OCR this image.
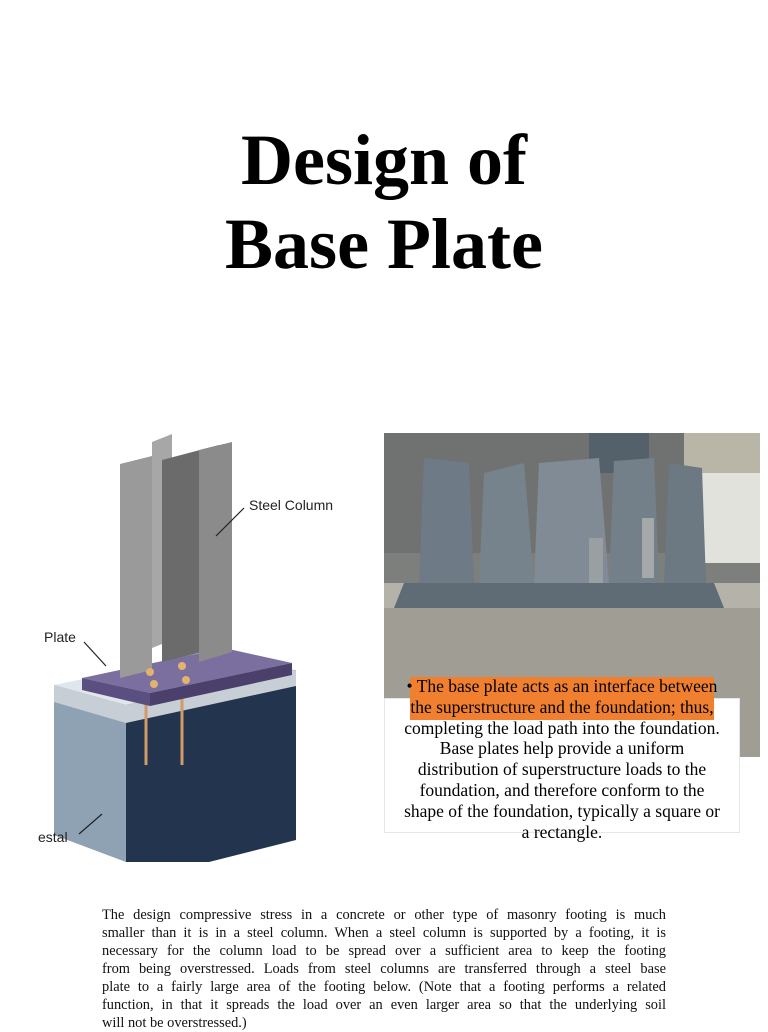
Design of
Base Plate
Steel Column
Plate
estal
• The base plate acts as an interface between the superstructure and the foundation; thus, completing the load path into the foundation. Base plates help provide a uniform distribution of superstructure loads to the foundation, and therefore conform to the shape of the foundation, typically a square or a rectangle.
The design compressive stress in a concrete or other type of masonry footing is much
smaller than it is in a steel column. When a steel column is supported by a footing, it is
necessary for the column load to be spread over a sufficient area to keep the footing
from being overstressed. Loads from steel columns are transferred through a steel base
plate to a fairly large area of the footing below. (Note that a footing performs a related
function, in that it spreads the load over an even larger area so that the underlying soil
will not be overstressed.)
